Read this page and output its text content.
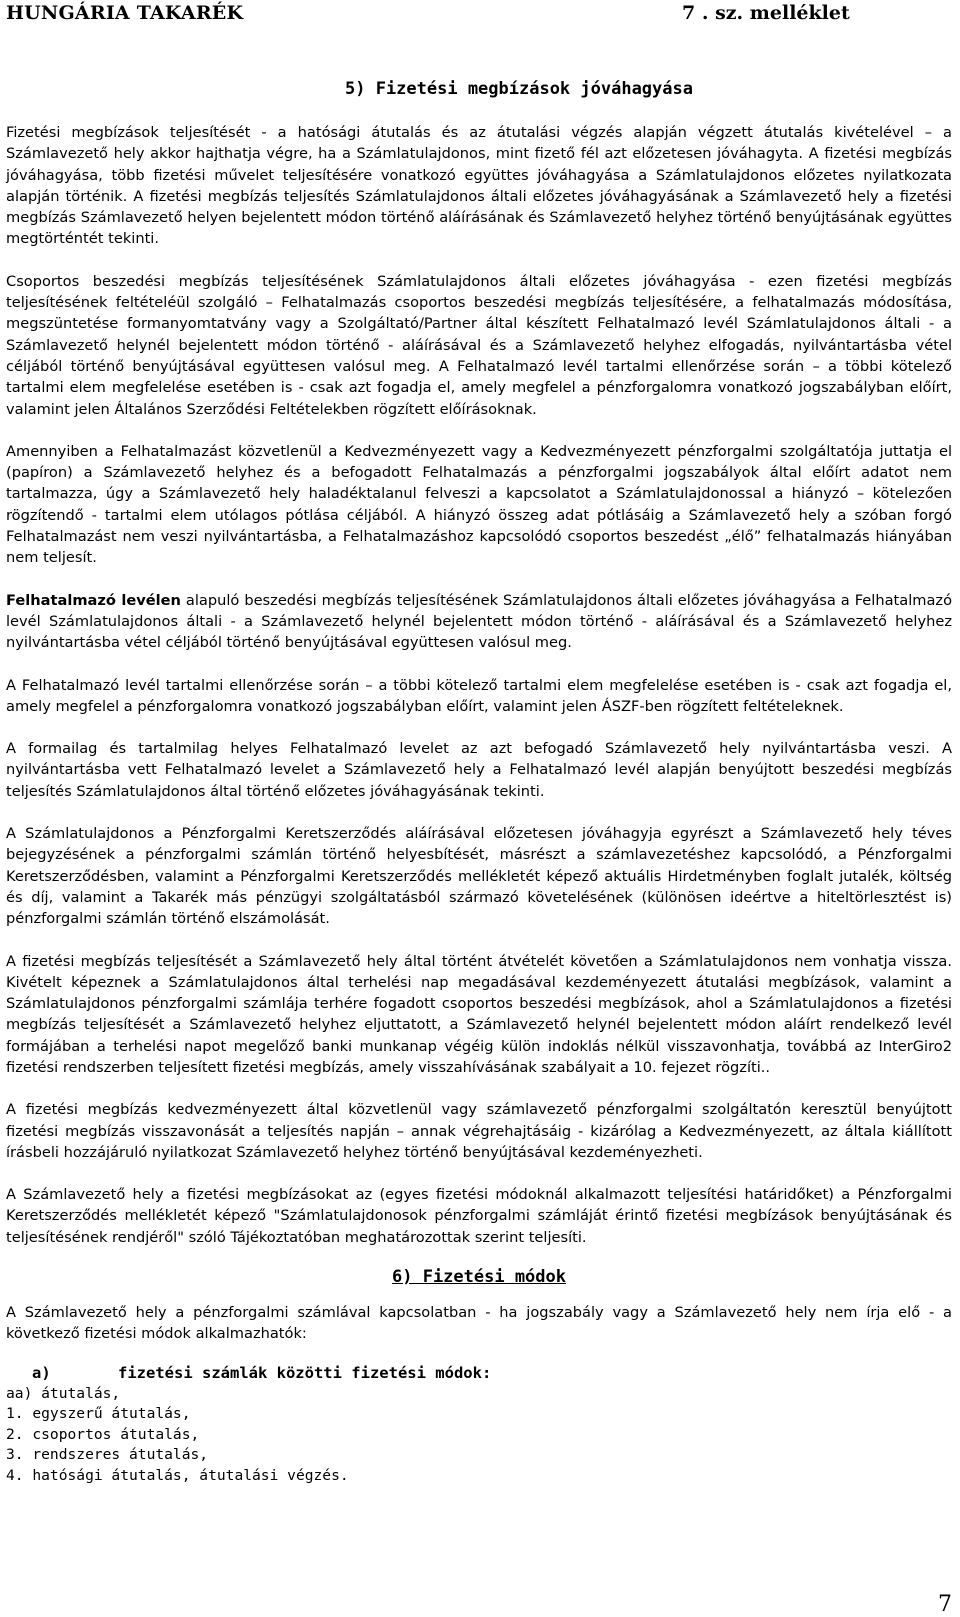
HUNGÁRIA TAKARÉK	7 . sz. melléklet
5) Fizetési megbízások jóváhagyása

Fizetési megbízások teljesítését - a hatósági átutalás és az átutalási végzés alapján végzett átutalás kivételével – a Számlavezető hely akkor hajthatja végre, ha a Számlatulajdonos, mint fizető fél azt előzetesen jóváhagyta. A fizetési megbízás jóváhagyása, több fizetési művelet teljesítésére vonatkozó együttes jóváhagyása a Számlatulajdonos előzetes nyilatkozata alapján történik. A fizetési megbízás teljesítés Számlatulajdonos általi előzetes jóváhagyásának a Számlavezető hely a fizetési megbízás Számlavezető helyen bejelentett módon történő aláírásának és Számlavezető helyhez történő benyújtásának együttes megtörténtét tekinti.

Csoportos beszedési megbízás teljesítésének Számlatulajdonos általi előzetes jóváhagyása - ezen fizetési megbízás teljesítésének feltételéül szolgáló – Felhatalmazás csoportos beszedési megbízás teljesítésére, a felhatalmazás módosítása, megszüntetése formanyomtatvány vagy a Szolgáltató/Partner által készített Felhatalmazó levél Számlatulajdonos általi - a Számlavezető helynél bejelentett módon történő - aláírásával és a Számlavezető helyhez elfogadás, nyilvántartásba vétel céljából történő benyújtásával együttesen valósul meg. A Felhatalmazó levél tartalmi ellenőrzése során – a többi kötelező tartalmi elem megfelelése esetében is - csak azt fogadja el, amely megfelel a pénzforgalomra vonatkozó jogszabályban előírt, valamint jelen Általános Szerződési Feltételekben rögzített előírásoknak.

Amennyiben a Felhatalmazást közvetlenül a Kedvezményezett vagy a Kedvezményezett pénzforgalmi szolgáltatója juttatja el (papíron) a Számlavezető helyhez és a befogadott Felhatalmazás a pénzforgalmi jogszabályok által előírt adatot nem tartalmazza, úgy a Számlavezető hely haladéktalanul felveszi a kapcsolatot a Számlatulajdonossal a hiányzó – kötelezően rögzítendő - tartalmi elem utólagos pótlása céljából. A hiányzó összeg adat pótlásáig a Számlavezető hely a szóban forgó Felhatalmazást nem veszi nyilvántartásba, a Felhatalmazáshoz kapcsolódó csoportos beszedést „élő” felhatalmazás hiányában nem teljesít.

Felhatalmazó levélen alapuló beszedési megbízás teljesítésének Számlatulajdonos általi előzetes jóváhagyása a Felhatalmazó levél Számlatulajdonos általi - a Számlavezető helynél bejelentett módon történő - aláírásával és a Számlavezető helyhez nyilvántartásba vétel céljából történő benyújtásával együttesen valósul meg.

A Felhatalmazó levél tartalmi ellenőrzése során – a többi kötelező tartalmi elem megfelelése esetében is - csak azt fogadja el, amely megfelel a pénzforgalomra vonatkozó jogszabályban előírt, valamint jelen ÁSZF-ben rögzített feltételeknek.

A formailag és tartalmilag helyes Felhatalmazó levelet az azt befogadó Számlavezető hely nyilvántartásba veszi. A nyilvántartásba vett Felhatalmazó levelet a Számlavezető hely a Felhatalmazó levél alapján benyújtott beszedési megbízás teljesítés Számlatulajdonos által történő előzetes jóváhagyásának tekinti.

A Számlatulajdonos a Pénzforgalmi Keretszerződés aláírásával előzetesen jóváhagyja egyrészt a Számlavezető hely téves bejegyzésének a pénzforgalmi számlán történő helyesbítését, másrészt a számlavezetéshez kapcsolódó, a Pénzforgalmi Keretszerződésben, valamint a Pénzforgalmi Keretszerződés mellékletét képező aktuális Hirdetményben foglalt jutalék, költség és díj, valamint a Takarék más pénzügyi szolgáltatásból származó követelésének (különösen ideértve a hiteltörlesztést is) pénzforgalmi számlán történő elszámolását.

A fizetési megbízás teljesítését a Számlavezető hely által történt átvételét követően a Számlatulajdonos nem vonhatja vissza. Kivételt képeznek a Számlatulajdonos által terhelési nap megadásával kezdeményezett átutalási megbízások, valamint a Számlatulajdonos pénzforgalmi számlája terhére fogadott csoportos beszedési megbízások, ahol a Számlatulajdonos a fizetési megbízás teljesítését a Számlavezető helyhez eljuttatott, a Számlavezető helynél bejelentett módon aláírt rendelkező levél formájában a terhelési napot megelőző banki munkanap végéig külön indoklás nélkül visszavonhatja, továbbá az InterGiro2 fizetési rendszerben teljesített fizetési megbízás, amely visszahívásának szabályait a 10. fejezet rögzíti..

A fizetési megbízás kedvezményezett által közvetlenül vagy számlavezető pénzforgalmi szolgáltatón keresztül benyújtott fizetési megbízás visszavonását a teljesítés napján – annak végrehajtásáig - kizárólag a Kedvezményezett, az általa kiállított írásbeli hozzájáruló nyilatkozat Számlavezető helyhez történő benyújtásával kezdeményezheti.

A Számlavezető hely a fizetési megbízásokat az (egyes fizetési módoknál alkalmazott teljesítési határidőket) a Pénzforgalmi Keretszerződés mellékletét képező "Számlatulajdonosok pénzforgalmi számláját érintő fizetési megbízások benyújtásának és teljesítésének rendjéről" szóló Tájékoztatóban meghatározottak szerint teljesíti.

6) Fizetési módok

A Számlavezető hely a pénzforgalmi számlával kapcsolatban - ha jogszabály vagy a Számlavezető hely nem írja elő - a következő fizetési módok alkalmazhatók:

a)	fizetési számlák közötti fizetési módok:
aa) átutalás,
1. egyszerű átutalás,
2. csoportos átutalás,
3. rendszeres átutalás,
4. hatósági átutalás, átutalási végzés.
7
